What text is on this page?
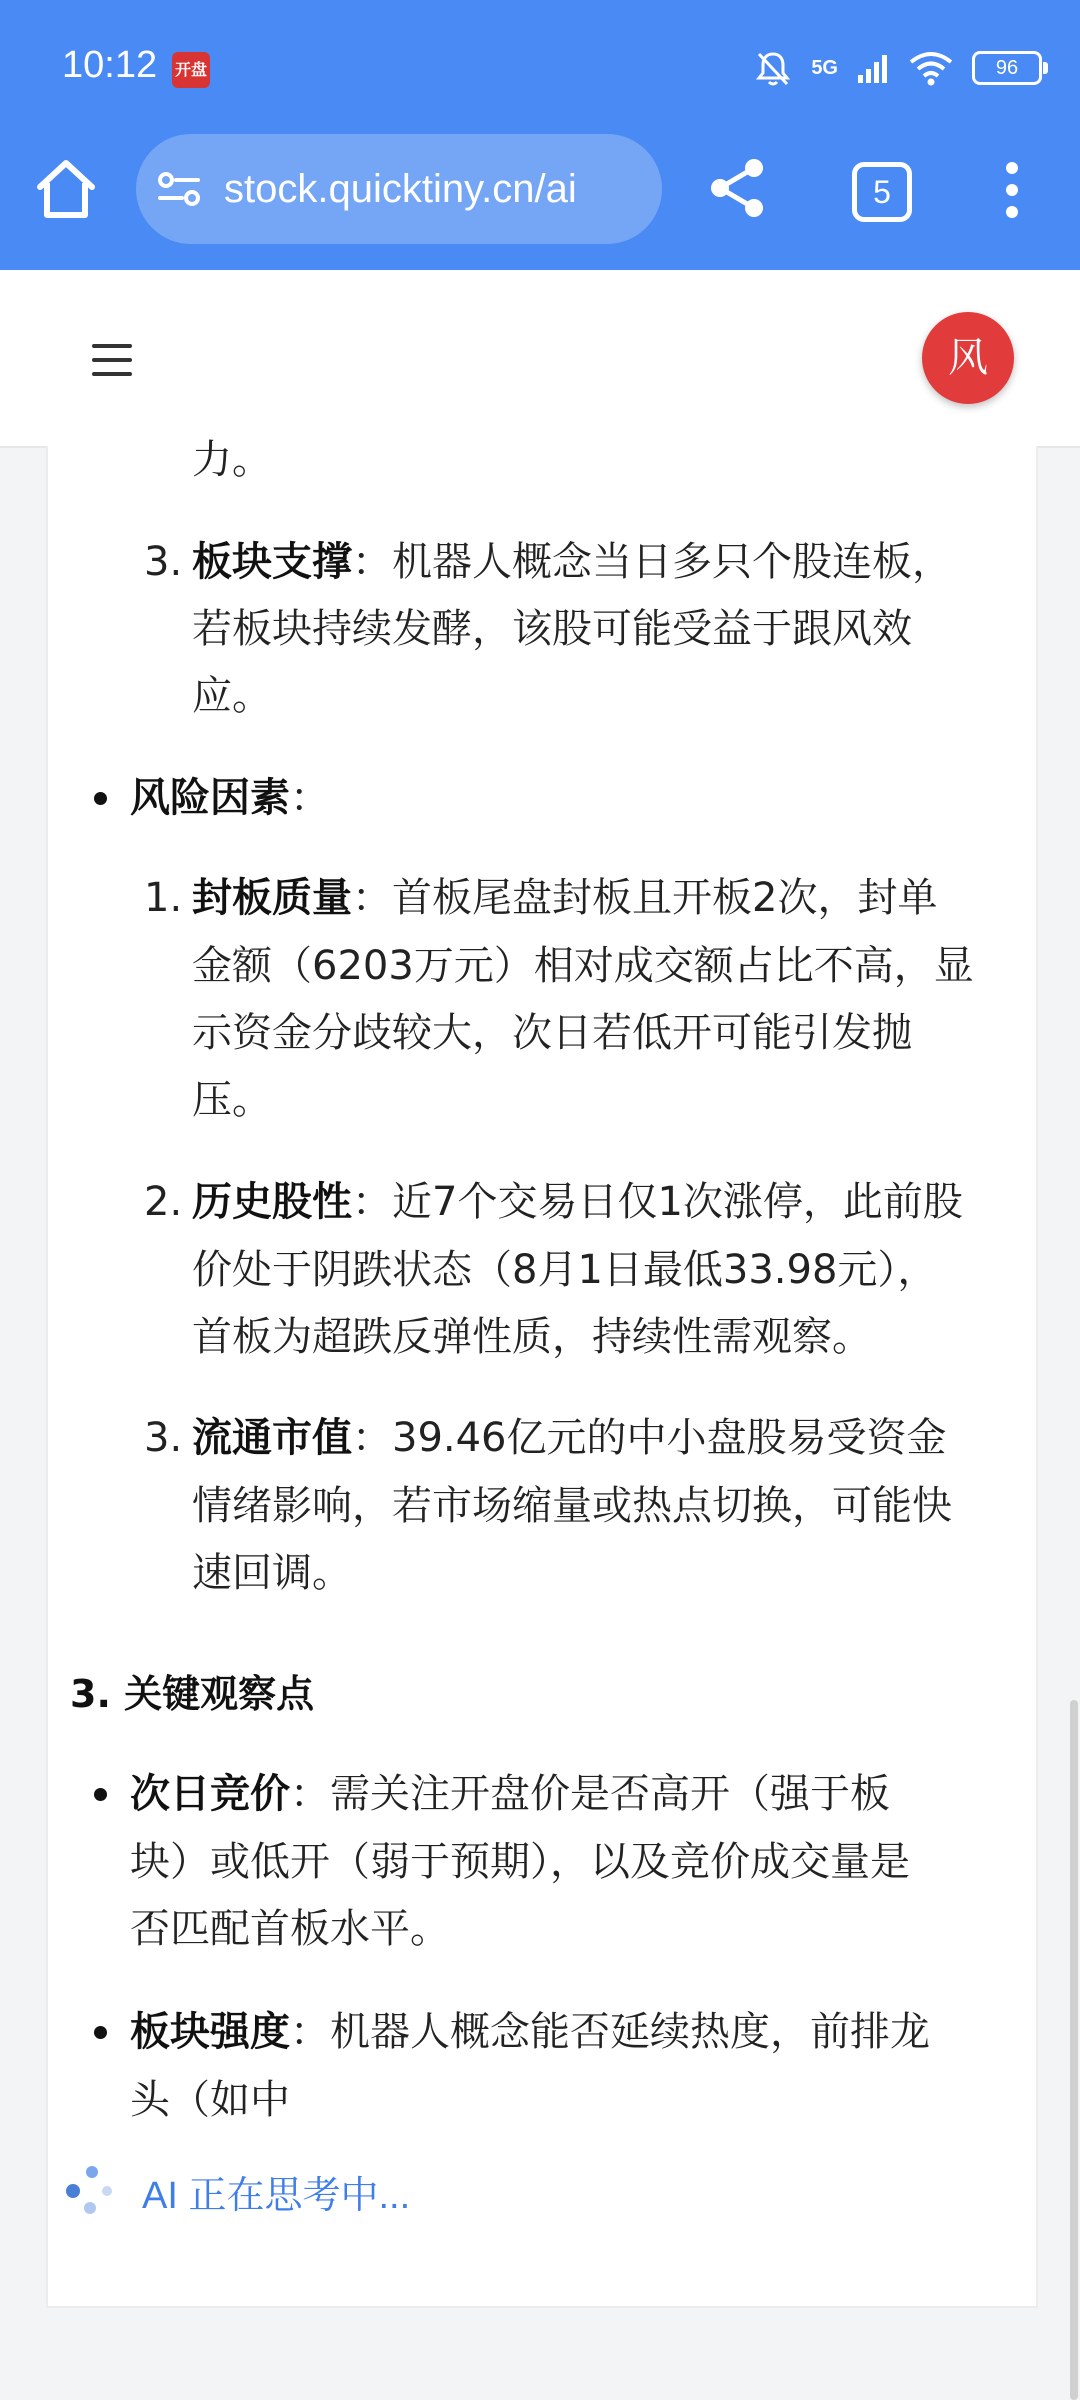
10:12 开盘	5G	96
stock.quicktiny.cn/ai	5
风
力。
3. 板块支撑：机器人概念当日多只个股连板，
若板块持续发酵，该股可能受益于跟风效
应。
风险因素：
1. 封板质量：首板尾盘封板且开板2次，封单
金额（6203万元）相对成交额占比不高，显
示资金分歧较大，次日若低开可能引发抛
压。
2. 历史股性：近7个交易日仅1次涨停，此前股
价处于阴跌状态（8月1日最低33.98元），
首板为超跌反弹性质，持续性需观察。
3. 流通市值：39.46亿元的中小盘股易受资金
情绪影响，若市场缩量或热点切换，可能快
速回调。
3. 关键观察点
次日竞价：需关注开盘价是否高开（强于板
块）或低开（弱于预期），以及竞价成交量是
否匹配首板水平。
板块强度：机器人概念能否延续热度，前排龙
头（如中
AI 正在思考中...
